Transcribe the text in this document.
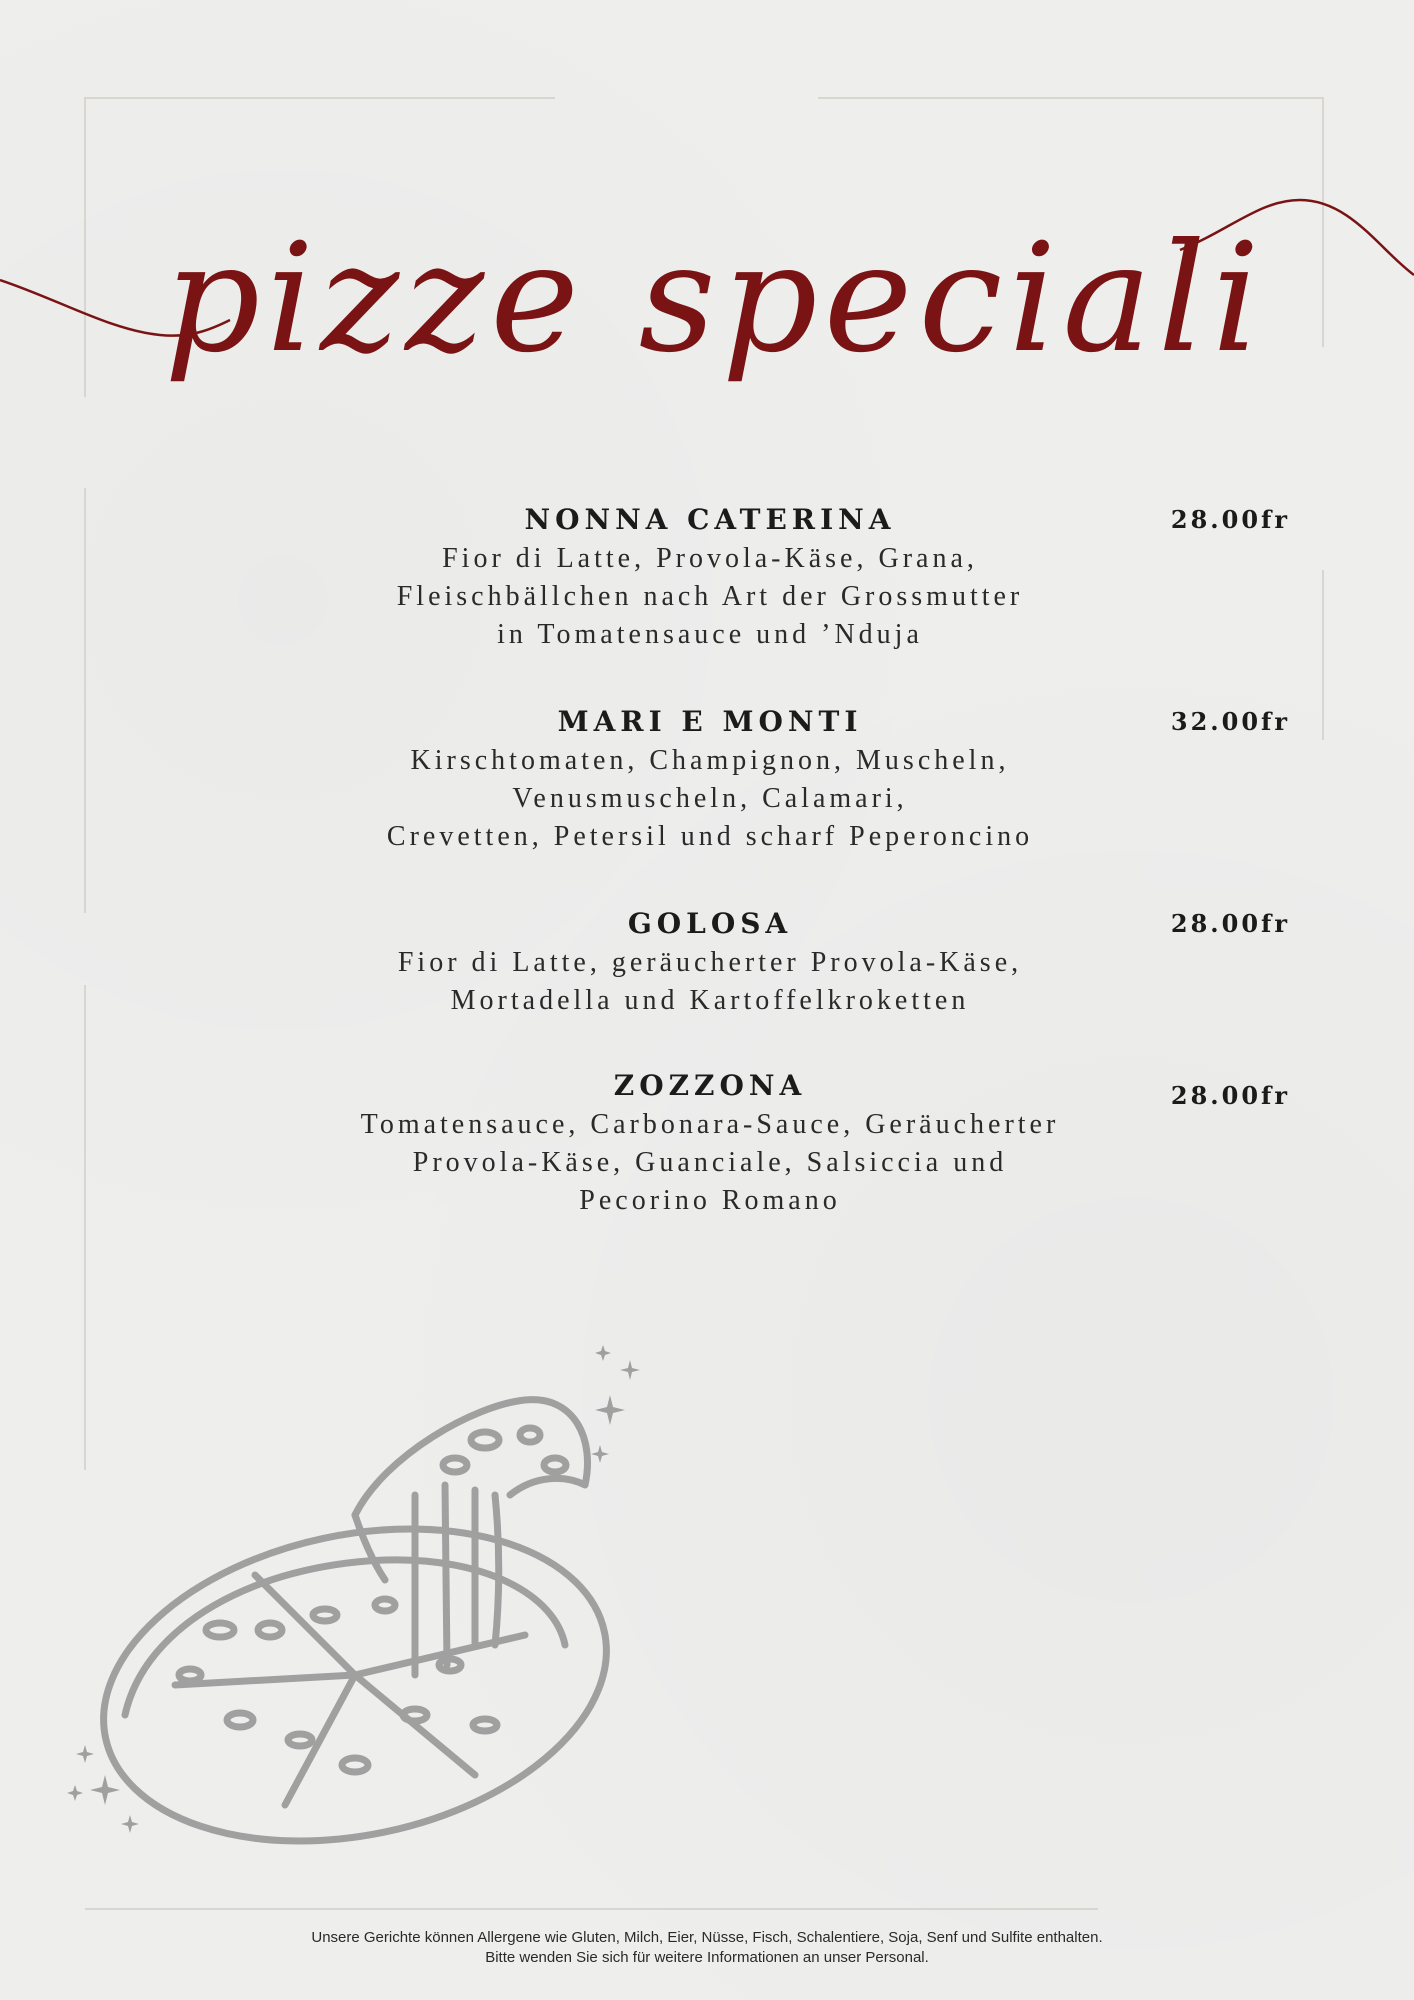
pizze speciali
NONNA CATERINA
Fior di Latte, Provola-Käse, Grana,
Fleischbällchen nach Art der Grossmutter
in Tomatensauce und ’Nduja
28.00fr
MARI E MONTI
Kirschtomaten, Champignon, Muscheln,
Venusmuscheln, Calamari,
Crevetten, Petersil und scharf Peperoncino
32.00fr
GOLOSA
Fior di Latte, geräucherter Provola-Käse,
Mortadella und Kartoffelkroketten
28.00fr
ZOZZONA
Tomatensauce, Carbonara-Sauce, Geräucherter
Provola-Käse, Guanciale, Salsiccia und
Pecorino Romano
28.00fr
Unsere Gerichte können Allergene wie Gluten, Milch, Eier, Nüsse, Fisch, Schalentiere, Soja, Senf und Sulfite enthalten.
Bitte wenden Sie sich für weitere Informationen an unser Personal.
